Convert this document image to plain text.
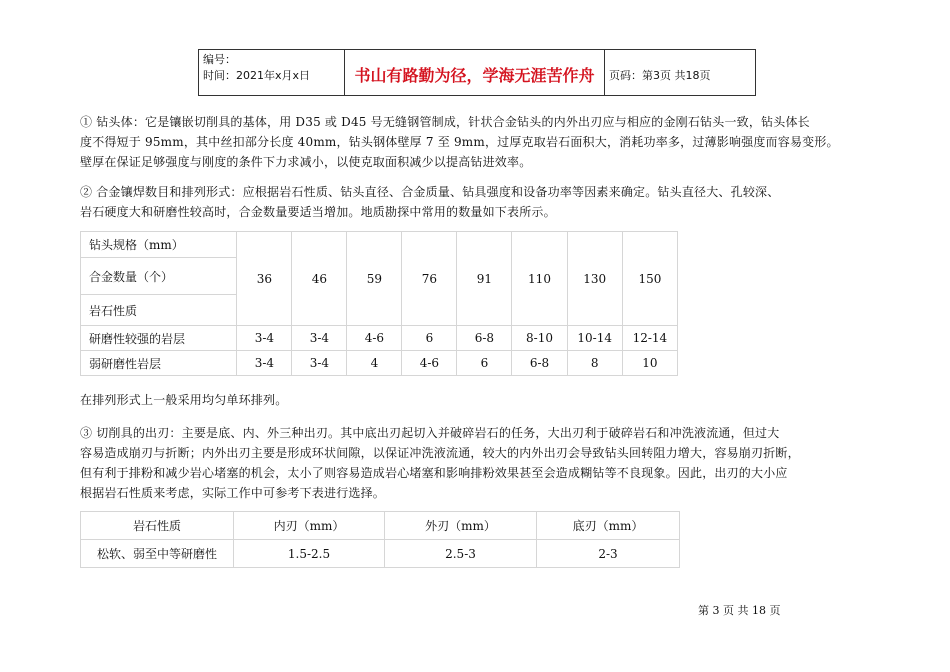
编号：
时间：2021年x月x日	书山有路勤为径，学海无涯苦作舟	页码：第3页 共18页

① 钻头体：它是镶嵌切削具的基体，用 D35 或 D45 号无缝钢管制成，针状合金钻头的内外出刃应与相应的金刚石钻头一致，钻头体长
度不得短于 95mm，其中丝扣部分长度 40mm，钻头钢体壁厚 7 至 9mm，过厚克取岩石面积大，消耗功率多，过薄影响强度而容易变形。
壁厚在保证足够强度与刚度的条件下力求减小，以使克取面积减少以提高钻进效率。

② 合金镶焊数目和排列形式：应根据岩石性质、钻头直径、合金质量、钻具强度和设备功率等因素来确定。钻头直径大、孔较深、
岩石硬度大和研磨性较高时，合金数量要适当增加。地质勘探中常用的数量如下表所示。

钻头规格（mm）	36	46	59	76	91	110	130	150
合金数量（个）								
岩石性质								
研磨性较强的岩层	3-4	3-4	4-6	6	6-8	8-10	10-14	12-14
弱研磨性岩层	3-4	3-4	4	4-6	6	6-8	8	10

在排列形式上一般采用均匀单环排列。

③ 切削具的出刃：主要是底、内、外三种出刃。其中底出刃起切入并破碎岩石的任务，大出刃利于破碎岩石和冲洗液流通，但过大
容易造成崩刃与折断；内外出刃主要是形成环状间隙，以保证冲洗液流通，较大的内外出刃会导致钻头回转阻力增大，容易崩刃折断，
但有利于排粉和减少岩心堵塞的机会，太小了则容易造成岩心堵塞和影响排粉效果甚至会造成糊钻等不良现象。因此，出刃的大小应
根据岩石性质来考虑，实际工作中可参考下表进行选择。

岩石性质	内刃（mm）	外刃（mm）	底刃（mm）
松软、弱至中等研磨性	1.5-2.5	2.5-3	2-3
第 3 页 共 18 页
